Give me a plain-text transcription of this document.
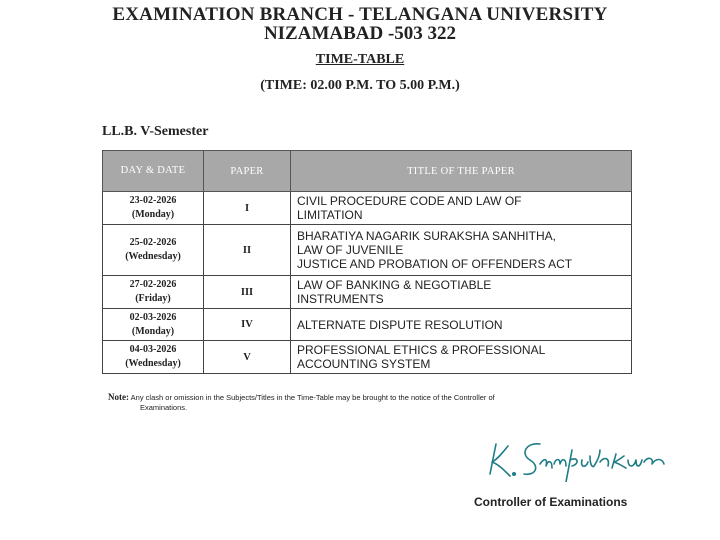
EXAMINATION BRANCH - TELANGANA UNIVERSITY
NIZAMABAD -503 322
TIME-TABLE
(TIME: 02.00 P.M. TO 5.00 P.M.)
LL.B. V-Semester
DAY & DATE	PAPER	TITLE OF THE PAPER

23-02-2026
(Monday)	I	CIVIL PROCEDURE CODE AND LAW OF
LIMITATION

25-02-2026
(Wednesday)	II	BHARATIYA NAGARIK SURAKSHA SANHITHA,
LAW OF JUVENILE
JUSTICE AND PROBATION OF OFFENDERS ACT

27-02-2026
(Friday)	III	LAW OF BANKING & NEGOTIABLE
INSTRUMENTS

02-03-2026
(Monday)	IV	ALTERNATE DISPUTE RESOLUTION

04-03-2026
(Wednesday)	V	PROFESSIONAL ETHICS & PROFESSIONAL
ACCOUNTING SYSTEM
Note: Any clash or omission in the Subjects/Titles in the Time-Table may be brought to the notice of the Controller of
Examinations.
Controller of Examinations
